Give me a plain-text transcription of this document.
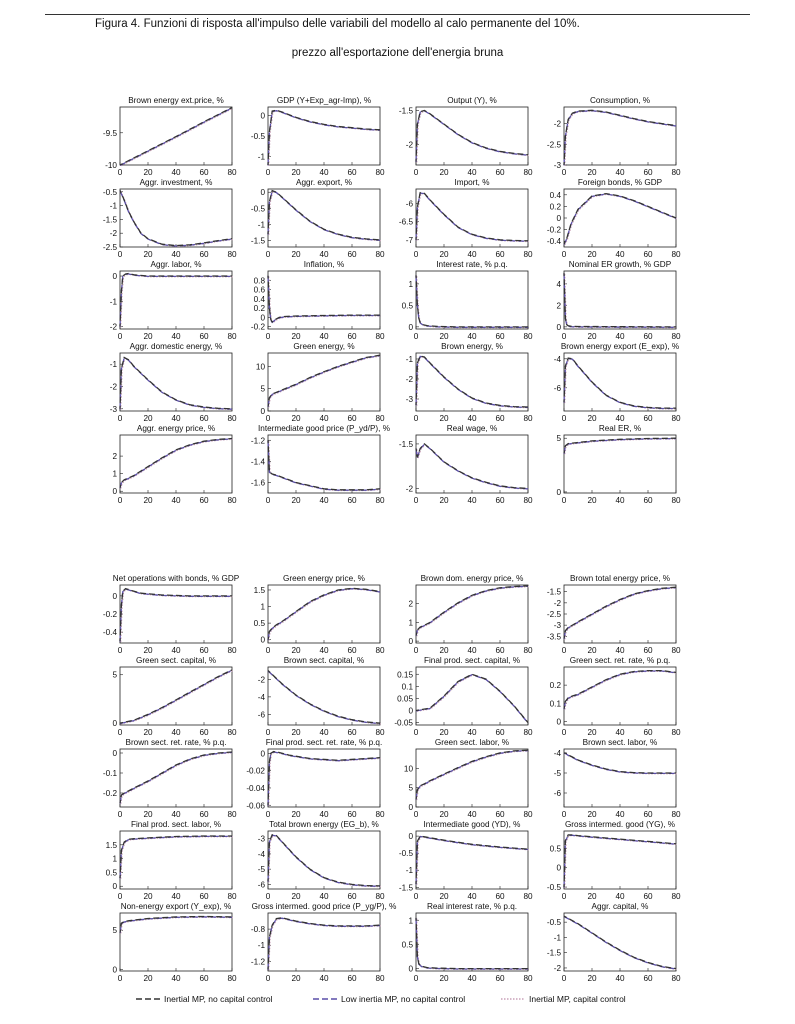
Figura 4. Funzioni di risposta all'impulso delle variabili del modello al calo permanente del 10%.
prezzo all'esportazione dell'energia bruna
Brown energy ext.price, %
-10
-9.5
0	20 40 60 80
GDP (Y+Exp_agr-Imp), %
-1
-0.5
0
0	20 40 60 80
Output (Y), %
-2
-1.5
0	20 40 60 80
Consumption, %
-3
-2.5
-2
0	20 40 60 80
Aggr. investment, %
-2.5
-2
-1.5
-1
-0.5
0	20 40 60 80
Aggr. export, %
-1.5
-1
-0.5
0
0	20 40 60 80
Import, %
-7
-6.5
-6
0	20 40 60 80
Foreign bonds, % GDP
-0.4
-0.2
0
0.2
0.4
0	20 40 60 80
Aggr. labor, %
-2
-1
0
0	20 40 60 80
Inflation, %
-0.2
0
0.2
0.4
0.6
0.8
0	20 40 60 80
Interest rate, % p.q.
0
0.5
1
0	20 40 60 80
Nominal ER growth, % GDP
0
2
4
0	20 40 60 80
Aggr. domestic energy, %
-3
-2
-1
0	20 40 60 80
Green energy, %
0
5
10
0	20 40 60 80
Brown energy, %
-3
-2
-1
0	20 40 60 80
Brown energy export (E_exp), %
-6
-4
0	20 40 60 80
Aggr. energy price, %
0
1
2
0	20 40 60 80
Intermediate good price (P_yd/P), %
-1.6
-1.4
-1.2
0	20 40 60 80
Real wage, %
-2
-1.5
0	20 40 60 80
Real ER, %
0
5
0	20 40 60 80
Net operations with bonds, % GDP
-0.4
-0.2
0
0	20 40 60 80
Green energy price, %
0
0.5
1
1.5
0	20 40 60 80
Brown dom. energy price, %
0
1
2
0	20 40 60 80
Brown total energy price, %
-3.5
-3
-2.5
-2
-1.5
0	20 40 60 80
Green sect. capital, %
0
5
0	20 40 60 80
Brown sect. capital, %
-6
-4
-2
0	20 40 60 80
Final prod. sect. capital, %
-0.05
0
0.05
0.1
0.15
0	20 40 60 80
Green sect. ret. rate, % p.q.
0
0.1
0.2
0	20 40 60 80
Brown sect. ret. rate, % p.q.
-0.2
-0.1
0
0	20 40 60 80
Final prod. sect. ret. rate, % p.q.
-0.06
-0.04
-0.02
0
0	20 40 60 80
Green sect. labor, %
0
5
10
0	20 40 60 80
Brown sect. labor, %
-6
-5
-4
0	20 40 60 80
Final prod. sect. labor, %
0
0.5
1
1.5
0	20 40 60 80
Total brown energy (EG_b), %
-6
-5
-4
-3
0	20 40 60 80
Intermediate good (YD), %
-1.5
-1
-0.5
0
0	20 40 60 80
Gross intermed. good (YG), %
-0.5
0
0.5
0	20 40 60 80
Non-energy export (Y_exp), %
0
5
0	20 40 60 80
Gross intermed. good price (P_yg/P), %
-1.2
-1
-0.8
0	20 40 60 80
Real interest rate, % p.q.
0
0.5
1
0	20 40 60 80
Aggr. capital, %
-2
-1.5
-1
-0.5
0	20 40 60 80
Inertial MP, no capital control	Low inertia MP, no capital control	Inertial MP, capital control
